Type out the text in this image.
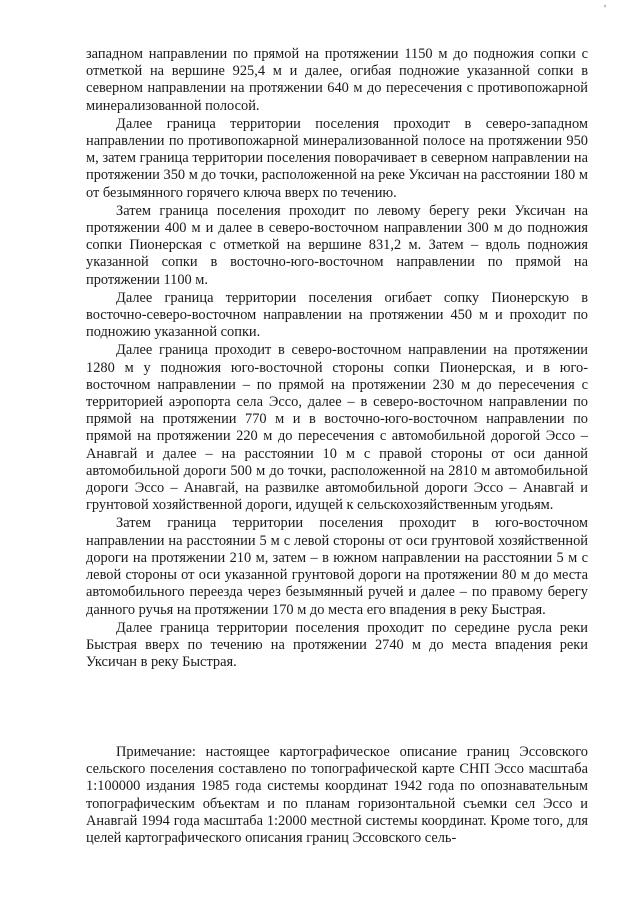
'

западном направлении по прямой на протяжении 1150 м до подножия сопки с отметкой на вершине 925,4 м и далее, огибая подножие указанной сопки в северном направлении на протяжении 640 м до пересечения с противопожарной минерализованной полосой.

Далее граница территории поселения проходит в северо-западном направлении по противопожарной минерализованной полосе на протяжении 950 м, затем граница территории поселения поворачивает в северном направлении на протяжении 350 м до точки, расположенной на реке Уксичан на расстоянии 180 м от безымянного горячего ключа вверх по течению.

Затем граница поселения проходит по левому берегу реки Уксичан на протяжении 400 м и далее в северо-восточном направлении 300 м до подножия сопки Пионерская с отметкой на вершине 831,2 м. Затем – вдоль подножия указанной сопки в восточно-юго-восточном направлении по прямой на протяжении 1100 м.

Далее граница территории поселения огибает сопку Пионерскую в восточно-северо-восточном направлении на протяжении 450 м и проходит по подножию указанной сопки.

Далее граница проходит в северо-восточном направлении на протяжении 1280 м у подножия юго-восточной стороны сопки Пионерская, и в юго-восточном направлении – по прямой на протяжении 230 м до пересечения с территорией аэропорта села Эссо, далее – в северо-восточном направлении по прямой на протяжении 770 м и в восточно-юго-восточном направлении по прямой на протяжении 220 м до пересечения с автомобильной дорогой Эссо – Анавгай и далее – на расстоянии 10 м с правой стороны от оси данной автомобильной дороги 500 м до точки, расположенной на 2810 м автомобильной дороги Эссо – Анавгай, на развилке автомобильной дороги Эссо – Анавгай и грунтовой хозяйственной дороги, идущей к сельскохозяйственным угодьям.

Затем граница территории поселения проходит в юго-восточном направлении на расстоянии 5 м с левой стороны от оси грунтовой хозяйственной дороги на протяжении 210 м, затем – в южном направлении на расстоянии 5 м с левой стороны от оси указанной грунтовой дороги на протяжении 80 м до места автомобильного переезда через безымянный ручей и далее – по правому берегу данного ручья на протяжении 170 м до места его впадения в реку Быстрая.

Далее граница территории поселения проходит по середине русла реки Быстрая вверх по течению на протяжении 2740 м до места впадения реки Уксичан в реку Быстрая.

Примечание: настоящее картографическое описание границ Эссовского сельского поселения составлено по топографической карте СНП Эссо масштаба 1:100000 издания 1985 года системы координат 1942 года по опознавательным топографическим объектам и по планам горизонтальной съемки сел Эссо и Анавгай 1994 года масштаба 1:2000 местной системы координат. Кроме того, для целей картографического описания границ Эссовского сель-
